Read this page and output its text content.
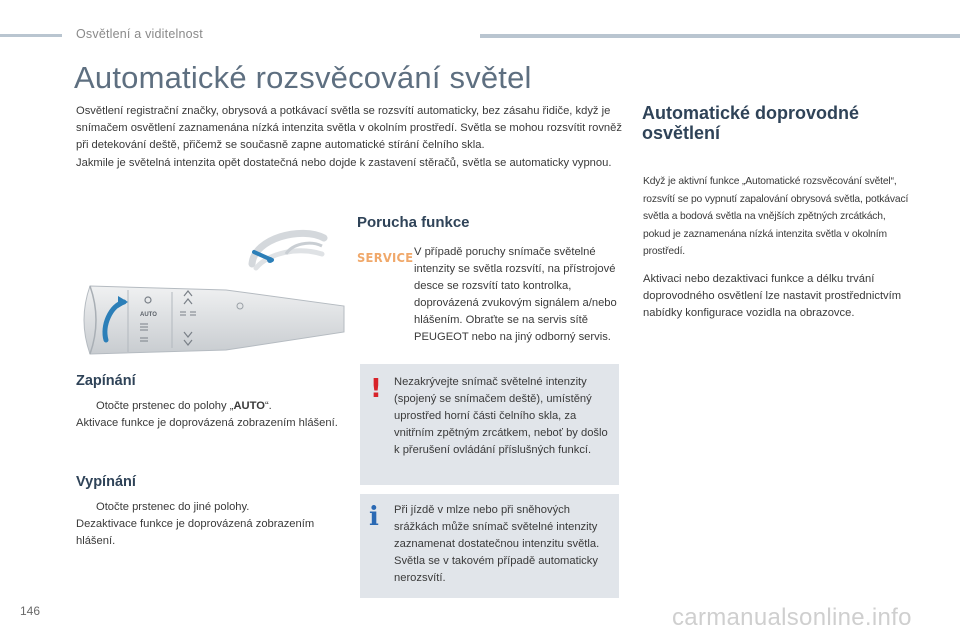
Osvětlení a viditelnost
Automatické rozsvěcování světel

Osvětlení registrační značky, obrysová a potkávací světla se rozsvítí automaticky, bez zásahu řidiče, když je snímačem osvětlení zaznamenána nízká intenzita světla v okolním prostředí. Světla se mohou rozsvítit rovněž při detekování deště, přičemž se současně zapne automatické stírání čelního skla.

Jakmile je světelná intenzita opět dostatečná nebo dojde k zastavení stěračů, světla se automaticky vypnou.

AUTO
Porucha funkce
SERVICE V případě poruchy snímače světelné intenzity se světla rozsvítí, na přístrojové desce se rozsvítí tato kontrolka, doprovázená zvukovým signálem a/nebo hlášením. Obraťte se na servis sítě PEUGEOT nebo na jiný odborný servis.
Zapínání
Otočte prstenec do polohy „AUTO“.
Aktivace funkce je doprovázená zobrazením hlášení.
Vypínání
Otočte prstenec do jiné polohy.
Dezaktivace funkce je doprovázená zobrazením hlášení.
! Nezakrývejte snímač světelné intenzity (spojený se snímačem deště), umístěný uprostřed horní části čelního skla, za vnitřním zpětným zrcátkem, neboť by došlo k přerušení ovládání příslušných funkcí.
i Při jízdě v mlze nebo při sněhových srážkách může snímač světelné intenzity zaznamenat dostatečnou intenzitu světla. Světla se v takovém případě automaticky nerozsvítí.
Automatické doprovodné osvětlení
Když je aktivní funkce „Automatické rozsvěcování světel“, rozsvítí se po vypnutí zapalování obrysová světla, potkávací světla a bodová světla na vnějších zpětných zrcátkách, pokud je zaznamenána nízká intenzita světla v okolním prostředí.
Aktivaci nebo dezaktivaci funkce a délku trvání doprovodného osvětlení lze nastavit prostřednictvím nabídky konfigurace vozidla na obrazovce.
146	carmanualsonline.info
